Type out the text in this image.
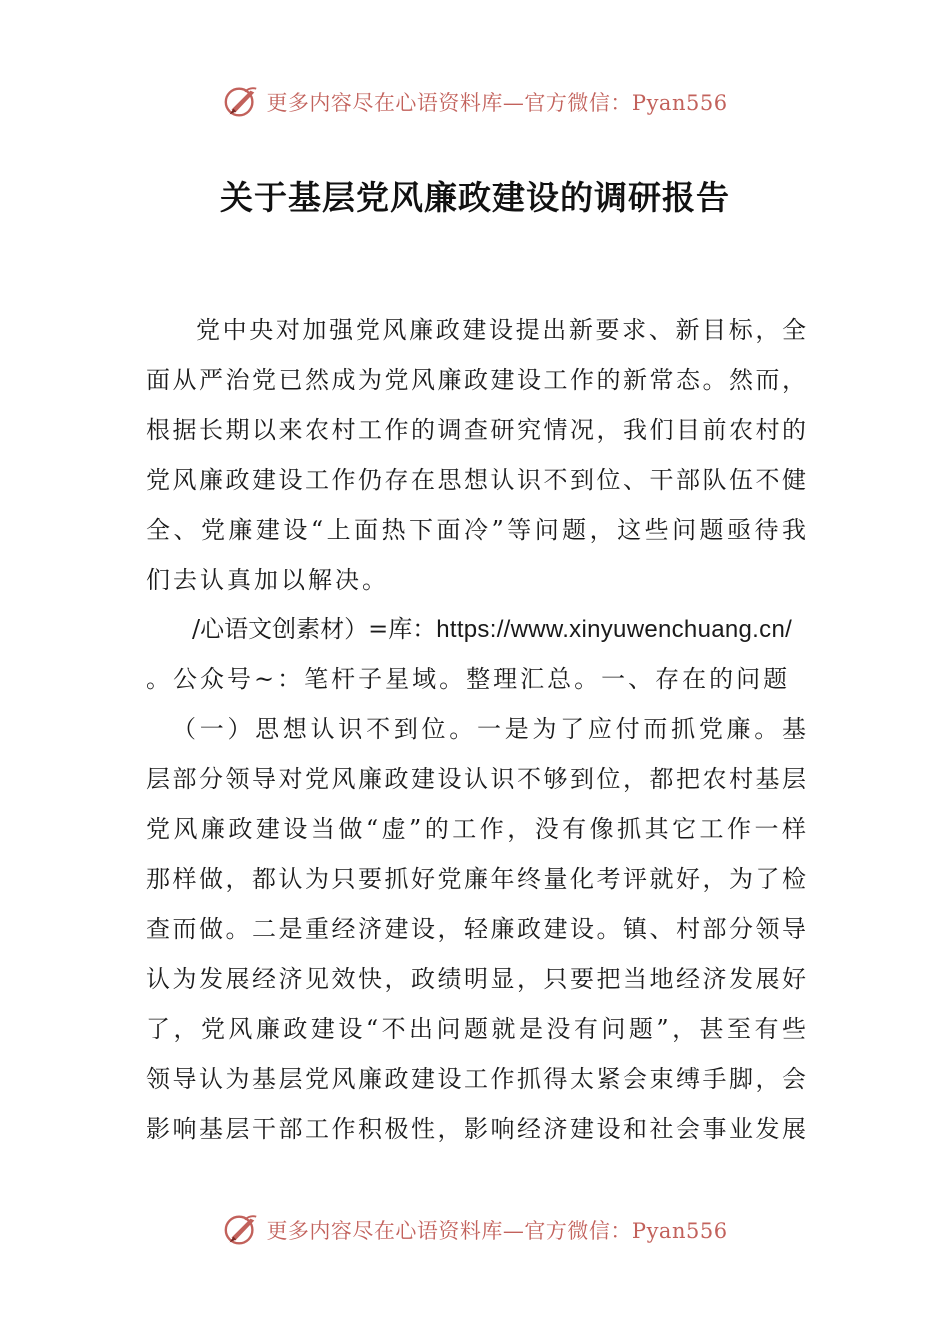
更多内容尽在心语资料库—官方微信：Pyan556
关于基层党风廉政建设的调研报告
党中央对加强党风廉政建设提出新要求、新目标，全
面从严治党已然成为党风廉政建设工作的新常态。然而，
根据长期以来农村工作的调查研究情况，我们目前农村的
党风廉政建设工作仍存在思想认识不到位、干部队伍不健
全、党廉建设“上面热下面冷”等问题，这些问题亟待我
们去认真加以解决。
/心语文创素材）=库：https://www.xinyuwenchuang.cn/
。公众号~：笔杆子星域。整理汇总。一、存在的问题
（一）思想认识不到位。一是为了应付而抓党廉。基
层部分领导对党风廉政建设认识不够到位，都把农村基层
党风廉政建设当做“虚”的工作，没有像抓其它工作一样
那样做，都认为只要抓好党廉年终量化考评就好，为了检
查而做。二是重经济建设，轻廉政建设。镇、村部分领导
认为发展经济见效快，政绩明显，只要把当地经济发展好
了，党风廉政建设“不出问题就是没有问题”，甚至有些
领导认为基层党风廉政建设工作抓得太紧会束缚手脚，会
影响基层干部工作积极性，影响经济建设和社会事业发展
更多内容尽在心语资料库—官方微信：Pyan556
